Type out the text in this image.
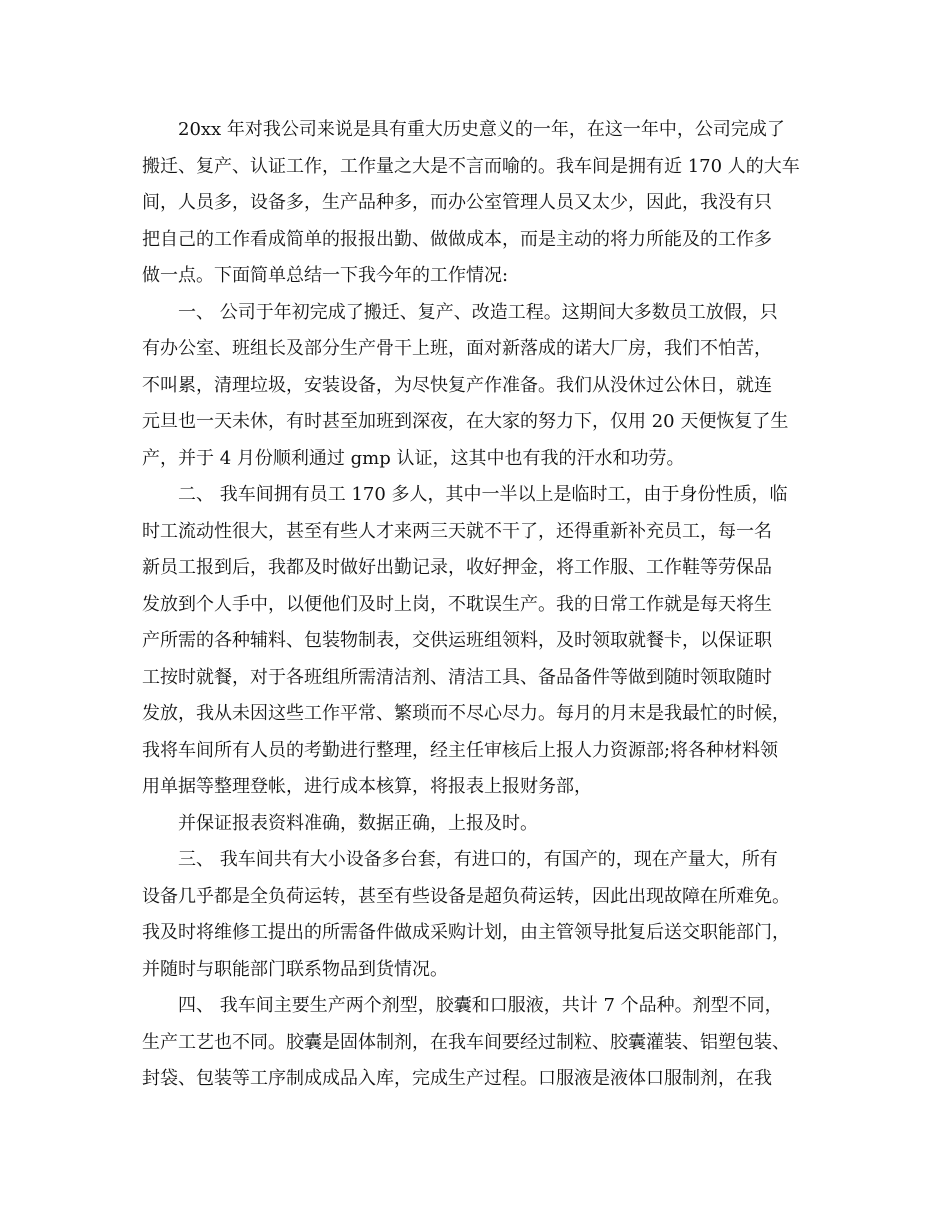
20xx 年对我公司来说是具有重大历史意义的一年，在这一年中，公司完成了
搬迁、复产、认证工作，工作量之大是不言而喻的。我车间是拥有近 170 人的大车
间，人员多，设备多，生产品种多，而办公室管理人员又太少，因此，我没有只
把自己的工作看成简单的报报出勤、做做成本，而是主动的将力所能及的工作多
做一点。下面简单总结一下我今年的工作情况:
一、 公司于年初完成了搬迁、复产、改造工程。这期间大多数员工放假，只
有办公室、班组长及部分生产骨干上班，面对新落成的诺大厂房，我们不怕苦，
不叫累，清理垃圾，安装设备，为尽快复产作准备。我们从没休过公休日，就连
元旦也一天未休，有时甚至加班到深夜，在大家的努力下，仅用 20 天便恢复了生
产，并于 4 月份顺利通过 gmp 认证，这其中也有我的汗水和功劳。
二、 我车间拥有员工 170 多人，其中一半以上是临时工，由于身份性质，临
时工流动性很大，甚至有些人才来两三天就不干了，还得重新补充员工，每一名
新员工报到后，我都及时做好出勤记录，收好押金，将工作服、工作鞋等劳保品
发放到个人手中，以便他们及时上岗，不耽误生产。我的日常工作就是每天将生
产所需的各种辅料、包装物制表，交供运班组领料，及时领取就餐卡，以保证职
工按时就餐，对于各班组所需清洁剂、清洁工具、备品备件等做到随时领取随时
发放，我从未因这些工作平常、繁琐而不尽心尽力。每月的月末是我最忙的时候，
我将车间所有人员的考勤进行整理，经主任审核后上报人力资源部;将各种材料领
用单据等整理登帐，进行成本核算，将报表上报财务部，
并保证报表资料准确，数据正确，上报及时。
三、 我车间共有大小设备多台套，有进口的，有国产的，现在产量大，所有
设备几乎都是全负荷运转，甚至有些设备是超负荷运转，因此出现故障在所难免。
我及时将维修工提出的所需备件做成采购计划，由主管领导批复后送交职能部门，
并随时与职能部门联系物品到货情况。
四、 我车间主要生产两个剂型，胶囊和口服液，共计 7 个品种。剂型不同，
生产工艺也不同。胶囊是固体制剂，在我车间要经过制粒、胶囊灌装、铝塑包装、
封袋、包装等工序制成成品入库，完成生产过程。口服液是液体口服制剂，在我
